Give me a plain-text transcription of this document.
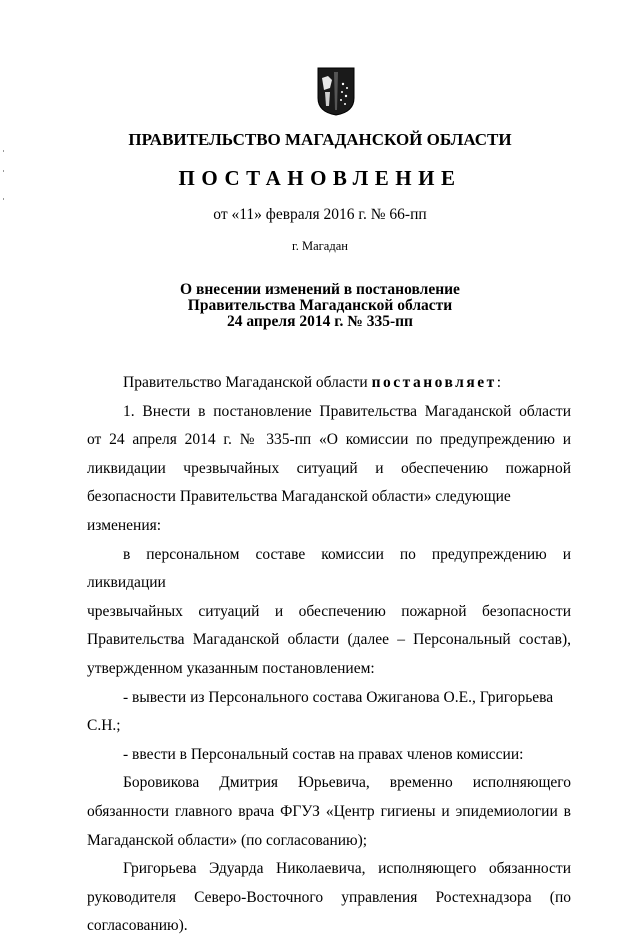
ПРАВИТЕЛЬСТВО МАГАДАНСКОЙ ОБЛАСТИ
ПОСТАНОВЛЕНИЕ
от «11» февраля 2016 г. № 66-пп
г. Магадан
О внесении изменений в постановление
Правительства Магаданской области
24 апреля 2014 г. № 335-пп

Правительство Магаданской области постановляет:

1. Внести в постановление Правительства Магаданской области

от 24 апреля 2014 г. № 335-пп «О комиссии по предупреждению и

ликвидации чрезвычайных ситуаций и обеспечению пожарной

безопасности Правительства Магаданской области» следующие изменения:

в персональном составе комиссии по предупреждению и ликвидации

чрезвычайных ситуаций и обеспечению пожарной безопасности

Правительства Магаданской области (далее – Персональный состав),

утвержденном указанным постановлением:

- вывести из Персонального состава Ожиганова О.Е., Григорьева С.Н.;

- ввести в Персональный состав на правах членов комиссии:

Боровикова Дмитрия Юрьевича, временно исполняющего

обязанности главного врача ФГУЗ «Центр гигиены и эпидемиологии в

Магаданской области» (по согласованию);

Григорьева Эдуарда Николаевича, исполняющего обязанности

руководителя Северо-Восточного управления Ростехнадзора (по

согласованию).
